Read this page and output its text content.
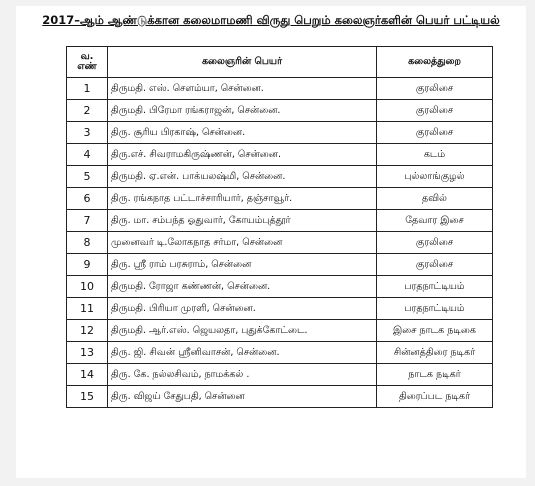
2017–ஆம் ஆண்டுக்கான கலைமாமணி விருது பெறும் கலைஞர்களின் பெயர் பட்டியல்
வ.
எண்	கலைஞரின் பெயர்	கலைத்துறை
1	திருமதி. எஸ். சௌம்யா, சென்னை.	குரலிசை
2	திருமதி. பிரேமா ரங்கராஜன், சென்னை.	குரலிசை
3	திரு. சூரிய பிரகாஷ், சென்னை.	குரலிசை
4	திரு.எச். சிவராமகிருஷ்ணன், சென்னை.	கடம்
5	திருமதி. ஏ.என். பாக்யலஷ்மி, சென்னை.	புல்லாங்குழல்
6	திரு. ரங்கநாத பட்டாச்சாரியார், தஞ்சாவூர்.	தவில்
7	திரு. மா. சம்பந்த ஓதுவார், கோயம்புத்தூர்	தேவார இசை
8	முனைவர் டி.லோகநாத சர்மா, சென்னை	குரலிசை
9	திரு. ஸ்ரீ ராம் பரசுராம், சென்னை	குரலிசை
10	திருமதி. ரோஜா கண்ணன், சென்னை.	பரதநாட்டியம்
11	திருமதி. பிரியா முரளி, சென்னை.	பரதநாட்டியம்
12	திருமதி. ஆர்.எஸ். ஜெயலதா, புதுக்கோட்டை.	இசை நாடக நடிகை
13	திரு. ஜி. சிவன் ஸ்ரீனிவாசன், சென்னை.	சின்னத்திரை நடிகர்
14	திரு. கே. நல்லசிவம், நாமக்கல் .	நாடக நடிகர்
15	திரு. விஜய் சேதுபதி, சென்னை	திரைப்பட நடிகர்
